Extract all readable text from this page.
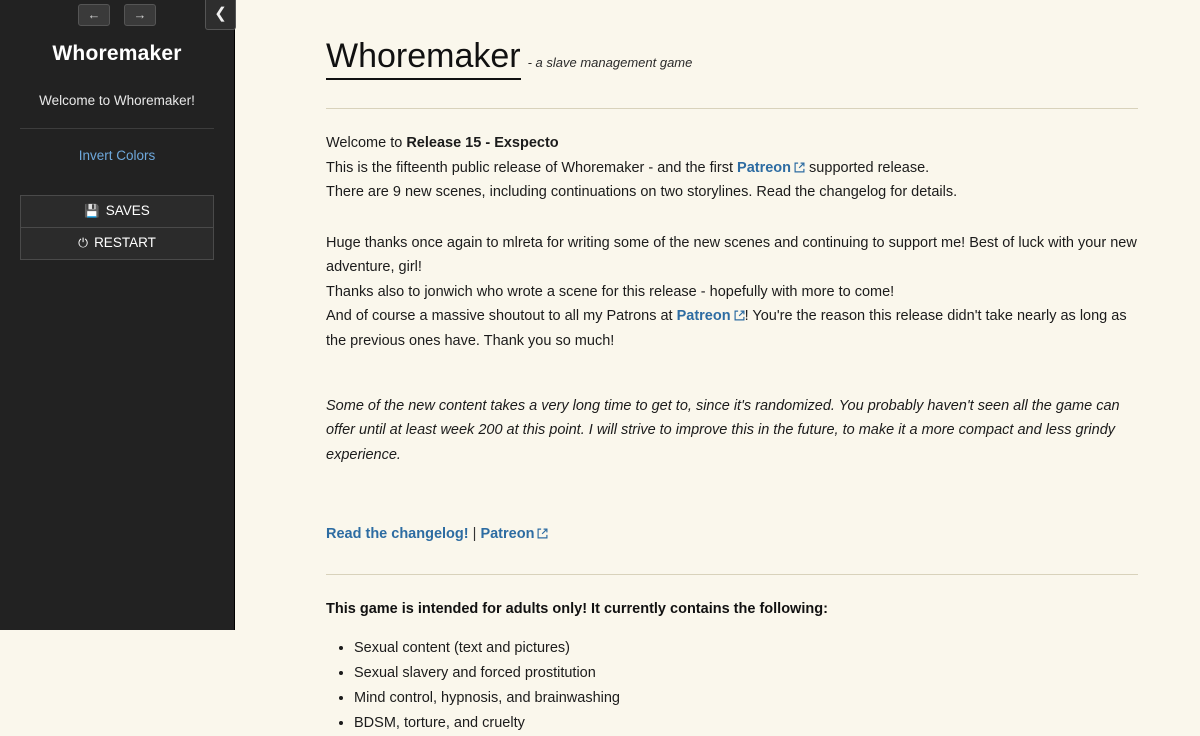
←	→
Whoremaker
Welcome to Whoremaker!
Invert Colors
💾 SAVES
⏻ RESTART
❮
Whoremaker - a slave management game

Welcome to Release 15 - Exspecto

This is the fifteenth public release of Whoremaker - and the first Patreon supported release.

There are 9 new scenes, including continuations on two storylines. Read the changelog for details.

Huge thanks once again to mlreta for writing some of the new scenes and continuing to support me! Best of luck with your new adventure, girl!

Thanks also to jonwich who wrote a scene for this release - hopefully with more to come!

And of course a massive shoutout to all my Patrons at Patreon ! You're the reason this release didn't take nearly as long as the previous ones have. Thank you so much!

Some of the new content takes a very long time to get to, since it's randomized. You probably haven't seen all the game can offer until at least week 200 at this point. I will strive to improve this in the future, to make it a more compact and less grindy experience.

Read the changelog! | Patreon

This game is intended for adults only! It currently contains the following:

• Sexual content (text and pictures)
• Sexual slavery and forced prostitution
• Mind control, hypnosis, and brainwashing
• BDSM, torture, and cruelty
